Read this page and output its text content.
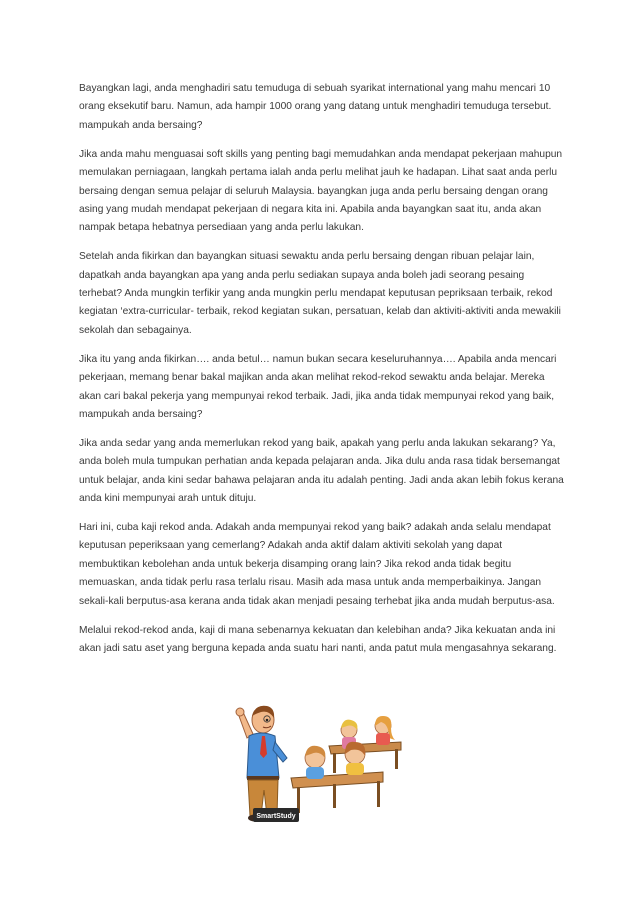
Bayangkan lagi, anda menghadiri satu temuduga di sebuah syarikat international yang mahu mencari 10 orang eksekutif baru. Namun, ada hampir 1000 orang yang datang untuk menghadiri temuduga tersebut. mampukah anda bersaing?

Jika anda mahu menguasai soft skills yang penting bagi memudahkan anda mendapat pekerjaan mahupun memulakan perniagaan, langkah pertama ialah anda perlu melihat jauh ke hadapan. Lihat saat anda perlu bersaing dengan semua pelajar di seluruh Malaysia. bayangkan juga anda perlu bersaing dengan orang asing yang mudah mendapat pekerjaan di negara kita ini. Apabila anda bayangkan saat itu, anda akan nampak betapa hebatnya persediaan yang anda perlu lakukan.

Setelah anda fikirkan dan bayangkan situasi sewaktu anda perlu bersaing dengan ribuan pelajar lain, dapatkah anda bayangkan apa yang anda perlu sediakan supaya anda boleh jadi seorang pesaing terhebat? Anda mungkin terfikir yang anda mungkin perlu mendapat keputusan pepriksaan terbaik, rekod kegiatan ‘extra-curricular- terbaik, rekod kegiatan sukan, persatuan, kelab dan aktiviti-aktiviti anda mewakili sekolah dan sebagainya.

Jika itu yang anda fikirkan…. anda betul… namun bukan secara keseluruhannya…. Apabila anda mencari pekerjaan, memang benar bakal majikan anda akan melihat rekod-rekod sewaktu anda belajar. Mereka akan cari bakal pekerja yang mempunyai rekod terbaik. Jadi, jika anda tidak mempunyai rekod yang baik, mampukah anda bersaing?

Jika anda sedar yang anda memerlukan rekod yang baik, apakah yang perlu anda lakukan sekarang? Ya, anda boleh mula tumpukan perhatian anda kepada pelajaran anda. Jika dulu anda rasa tidak bersemangat untuk belajar, anda kini sedar bahawa pelajaran anda itu adalah penting. Jadi anda akan lebih fokus kerana anda kini mempunyai arah untuk dituju.

Hari ini, cuba kaji rekod anda. Adakah anda mempunyai rekod yang baik? adakah anda selalu mendapat keputusan peperiksaan yang cemerlang? Adakah anda aktif dalam aktiviti sekolah yang dapat membuktikan kebolehan anda untuk bekerja disamping orang lain? Jika rekod anda tidak begitu memuaskan, anda tidak perlu rasa terlalu risau. Masih ada masa untuk anda memperbaikinya. Jangan sekali-kali berputus-asa kerana anda tidak akan menjadi pesaing terhebat jika anda mudah berputus-asa.

Melalui rekod-rekod anda, kaji di mana sebenarnya kekuatan dan kelebihan anda? Jika kekuatan anda ini akan jadi satu aset yang berguna kepada anda suatu hari nanti, anda patut mula mengasahnya sekarang.

SmartStudy
